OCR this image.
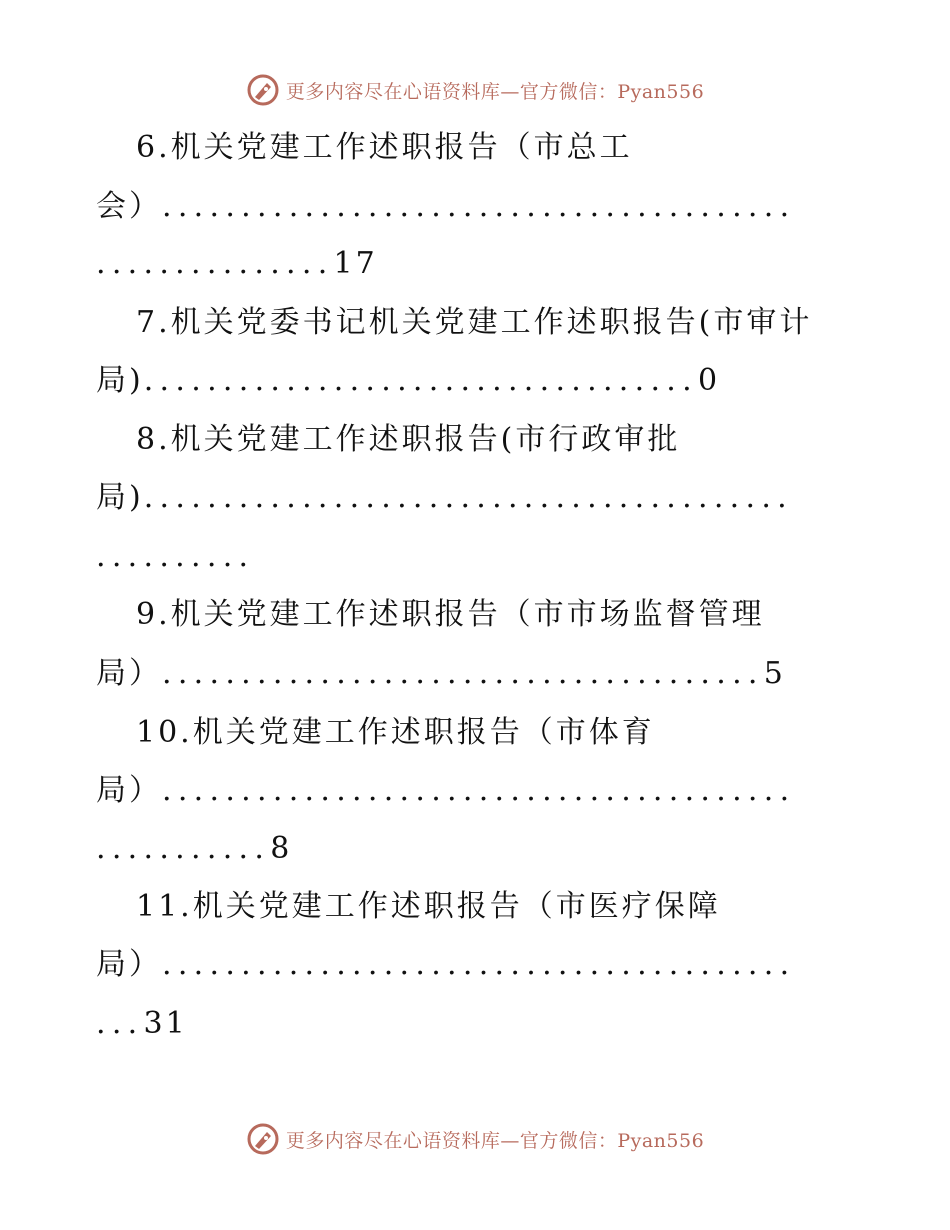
更多内容尽在心语资料库—官方微信：Pyan556
6.机关党建工作述职报告（市总工
会）........................................
...............17
7.机关党委书记机关党建工作述职报告(市审计
局)...................................0
8.机关党建工作述职报告(市行政审批
局).........................................
..........
9.机关党建工作述职报告（市市场监督管理
局）......................................5
10.机关党建工作述职报告（市体育
局）........................................
...........8
11.机关党建工作述职报告（市医疗保障
局）........................................
...31
更多内容尽在心语资料库—官方微信：Pyan556
